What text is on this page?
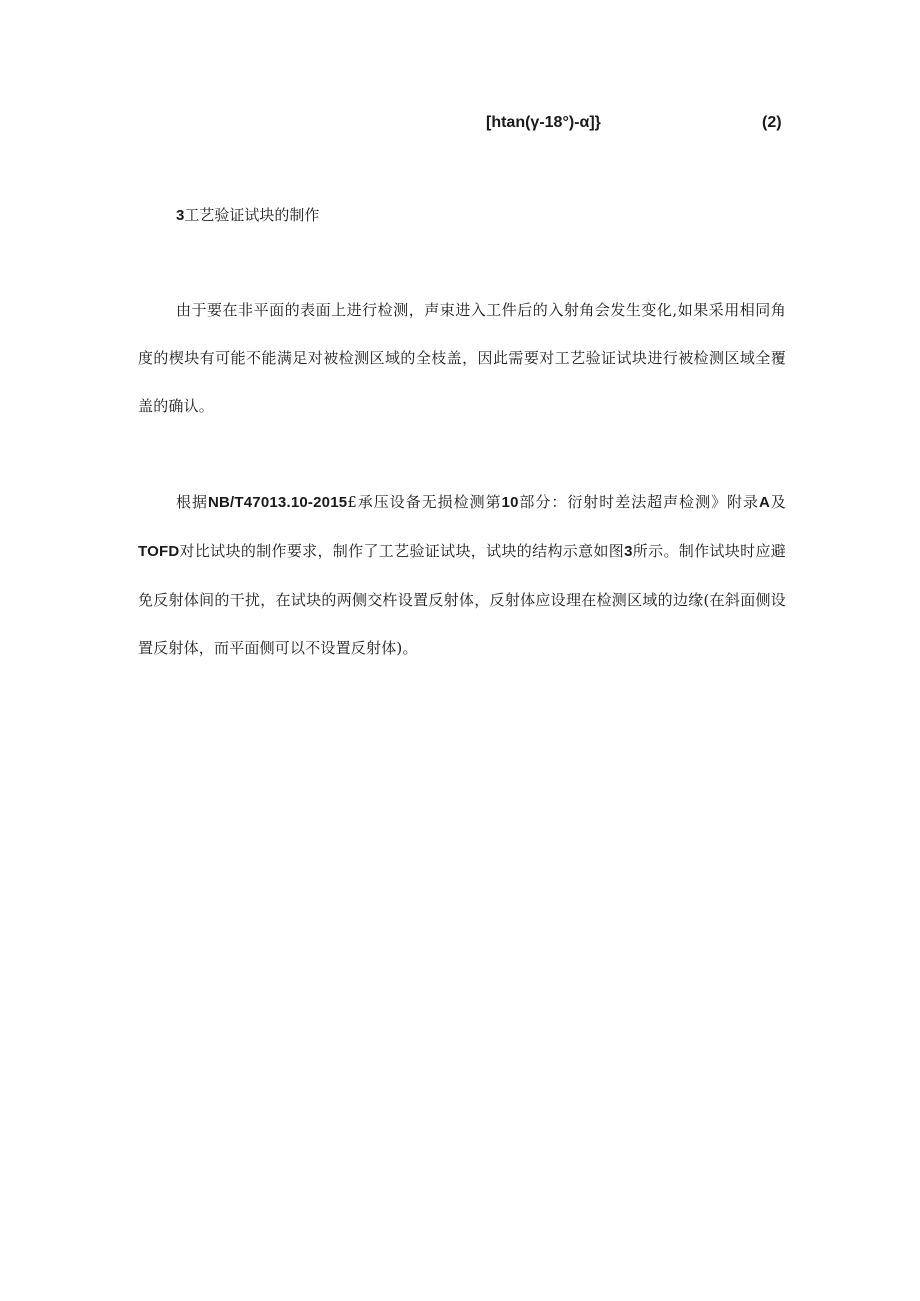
[htan(γ-18°)-α]}	(2)
3工艺验证试块的制作

由于要在非平面的表面上进行检测，声束进入工件后的入射角会发生变化,如果采用相同角度的楔块有可能不能满足对被检测区域的全枝盖，因此需要对工艺验证试块进行被检测区域全覆盖的确认。

根据NB/T47013.10-2015£承压设备无损检测第10部分：衍射时差法超声检测》附录A及TOFD对比试块的制作要求，制作了工艺验证试块，试块的结构示意如图3所示。制作试块时应避免反射体间的干扰，在试块的两侧交杵设置反射体，反射体应设理在检测区域的边缘(在斜面侧设置反射体，而平面侧可以不设置反射体)。
